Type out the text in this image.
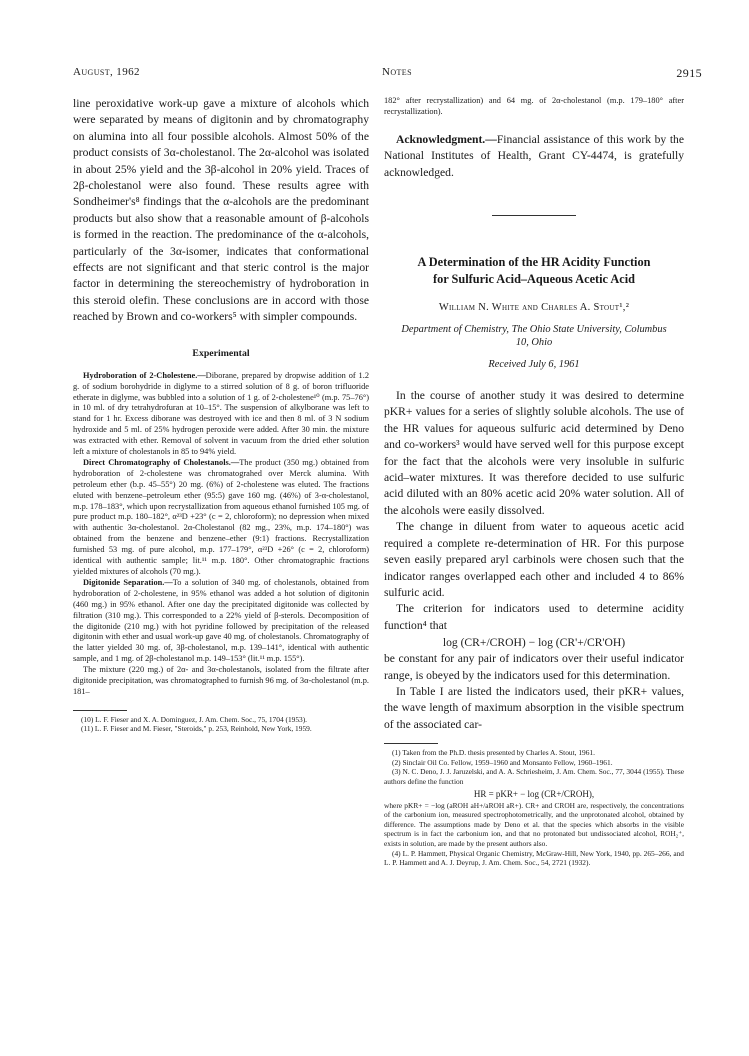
August, 1962	Notes	2915

line peroxidative work-up gave a mixture of alcohols which were separated by means of digitonin and by chromatography on alumina into all four possible alcohols. Almost 50% of the product consists of 3α-cholestanol. The 2α-alcohol was isolated in about 25% yield and the 3β-alcohol in 20% yield. Traces of 2β-cholestanol were also found. These results agree with Sondheimer's⁸ findings that the α-alcohols are the predominant products but also show that a reasonable amount of β-alcohols is formed in the reaction. The predominance of the α-alcohols, particularly of the 3α-isomer, indicates that conformational effects are not significant and that steric control is the major factor in determining the stereochemistry of hydroboration in this steroid olefin. These conclusions are in accord with those reached by Brown and co-workers⁵ with simpler compounds.

Experimental

Hydroboration of 2-Cholestene.—Diborane, prepared by dropwise addition of 1.2 g. of sodium borohydride in diglyme to a stirred solution of 8 g. of boron trifluoride etherate in diglyme, was bubbled into a solution of 1 g. of 2-cholestene¹⁰ (m.p. 75–76°) in 10 ml. of dry tetrahydrofuran at 10–15°. The suspension of alkylborane was left to stand for 1 hr. Excess diborane was destroyed with ice and then 8 ml. of 3 N sodium hydroxide and 5 ml. of 25% hydrogen peroxide were added. After 30 min. the mixture was extracted with ether. Removal of solvent in vacuum from the dried ether solution left a mixture of cholestanols in 85 to 94% yield.

Direct Chromatography of Cholestanols.—The product (350 mg.) obtained from hydroboration of 2-cholestene was chromatograhed over Merck alumina. With petroleum ether (b.p. 45–55°) 20 mg. (6%) of 2-cholestene was eluted. The fractions eluted with benzene–petroleum ether (95:5) gave 160 mg. (46%) of 3-α-cholestanol, m.p. 178–183°, which upon recrystallization from aqueous ethanol furnished 105 mg. of pure product m.p. 180–182°, α²³D +23° (c = 2, chloroform); no depression when mixed with authentic 3α-cholestanol. 2α-Cholestanol (82 mg., 23%, m.p. 174–180°) was obtained from the benzene and benzene–ether (9:1) fractions. Recrystallization furnished 53 mg. of pure alcohol, m.p. 177–179°, α²³D +26° (c = 2, chloroform) identical with authentic sample; lit.¹¹ m.p. 180°. Other chromatographic fractions yielded mixtures of alcohols (70 mg.).

Digitonide Separation.—To a solution of 340 mg. of cholestanols, obtained from hydroboration of 2-cholestene, in 95% ethanol was added a hot solution of digitonin (460 mg.) in 95% ethanol. After one day the precipitated digitonide was collected by filtration (310 mg.). This corresponded to a 22% yield of β-sterols. Decomposition of the digitonide (210 mg.) with hot pyridine followed by precipitation of the released digitonin with ether and usual work-up gave 40 mg. of cholestanols. Chromatography of the latter yielded 30 mg. of, 3β-cholestanol, m.p. 139–141°, identical with authentic sample, and 1 mg. of 2β-cholestanol m.p. 149–153° (lit.¹¹ m.p. 155°).

The mixture (220 mg.) of 2α- and 3α-cholestanols, isolated from the filtrate after digitonide precipitation, was chromatographed to furnish 96 mg. of 3α-cholestanol (m.p. 181–

(10) L. F. Fieser and X. A. Dominguez, J. Am. Chem. Soc., 75, 1704 (1953).

(11) L. F. Fieser and M. Fieser, "Steroids," p. 253, Reinhold, New York, 1959.

182° after recrystallization) and 64 mg. of 2α-cholestanol (m.p. 179–180° after recrystallization).

Acknowledgment.—Financial assistance of this work by the National Institutes of Health, Grant CY-4474, is gratefully acknowledged.

A Determination of the HR Acidity Function

for Sulfuric Acid–Aqueous Acetic Acid

William N. White and Charles A. Stout¹,²

Department of Chemistry, The Ohio State University, Columbus 10, Ohio

Received July 6, 1961

In the course of another study it was desired to determine pKR+ values for a series of slightly soluble alcohols. The use of the HR values for aqueous sulfuric acid determined by Deno and co-workers³ would have served well for this purpose except for the fact that the alcohols were very insoluble in sulfuric acid–water mixtures. It was therefore decided to use sulfuric acid diluted with an 80% acetic acid 20% water solution. All of the alcohols were easily dissolved.

The change in diluent from water to aqueous acetic acid required a complete re-determination of HR. For this purpose seven easily prepared aryl carbinols were chosen such that the indicator ranges overlapped each other and included 4 to 86% sulfuric acid.

The criterion for indicators used to determine acidity function⁴ that

log (CR+/CROH) − log (CR'+/CR'OH)

be constant for any pair of indicators over their useful indicator range, is obeyed by the indicators used for this determination.

In Table I are listed the indicators used, their pKR+ values, the wave length of maximum absorption in the visible spectrum of the associated car-

(1) Taken from the Ph.D. thesis presented by Charles A. Stout, 1961.

(2) Sinclair Oil Co. Fellow, 1959–1960 and Monsanto Fellow, 1960–1961.

(3) N. C. Deno, J. J. Jaruzelski, and A. A. Schriesheim, J. Am. Chem. Soc., 77, 3044 (1955). These authors define the function

HR = pKR+ − log (CR+/CROH),

where pKR+ = −log (aROH aH+/aROH aR+). CR+ and CROH are, respectively, the concentrations of the carbonium ion, measured spectrophotometrically, and the unprotonated alcohol, obtained by difference. The assumptions made by Deno et al. that the species which absorbs in the visible spectrum is in fact the carbonium ion, and that no protonated but undissociated alcohol, ROH₂⁺, exists in solution, are made by the present authors also.

(4) L. P. Hammett, Physical Organic Chemistry, McGraw-Hill, New York, 1940, pp. 265–266, and L. P. Hammett and A. J. Deyrup, J. Am. Chem. Soc., 54, 2721 (1932).
